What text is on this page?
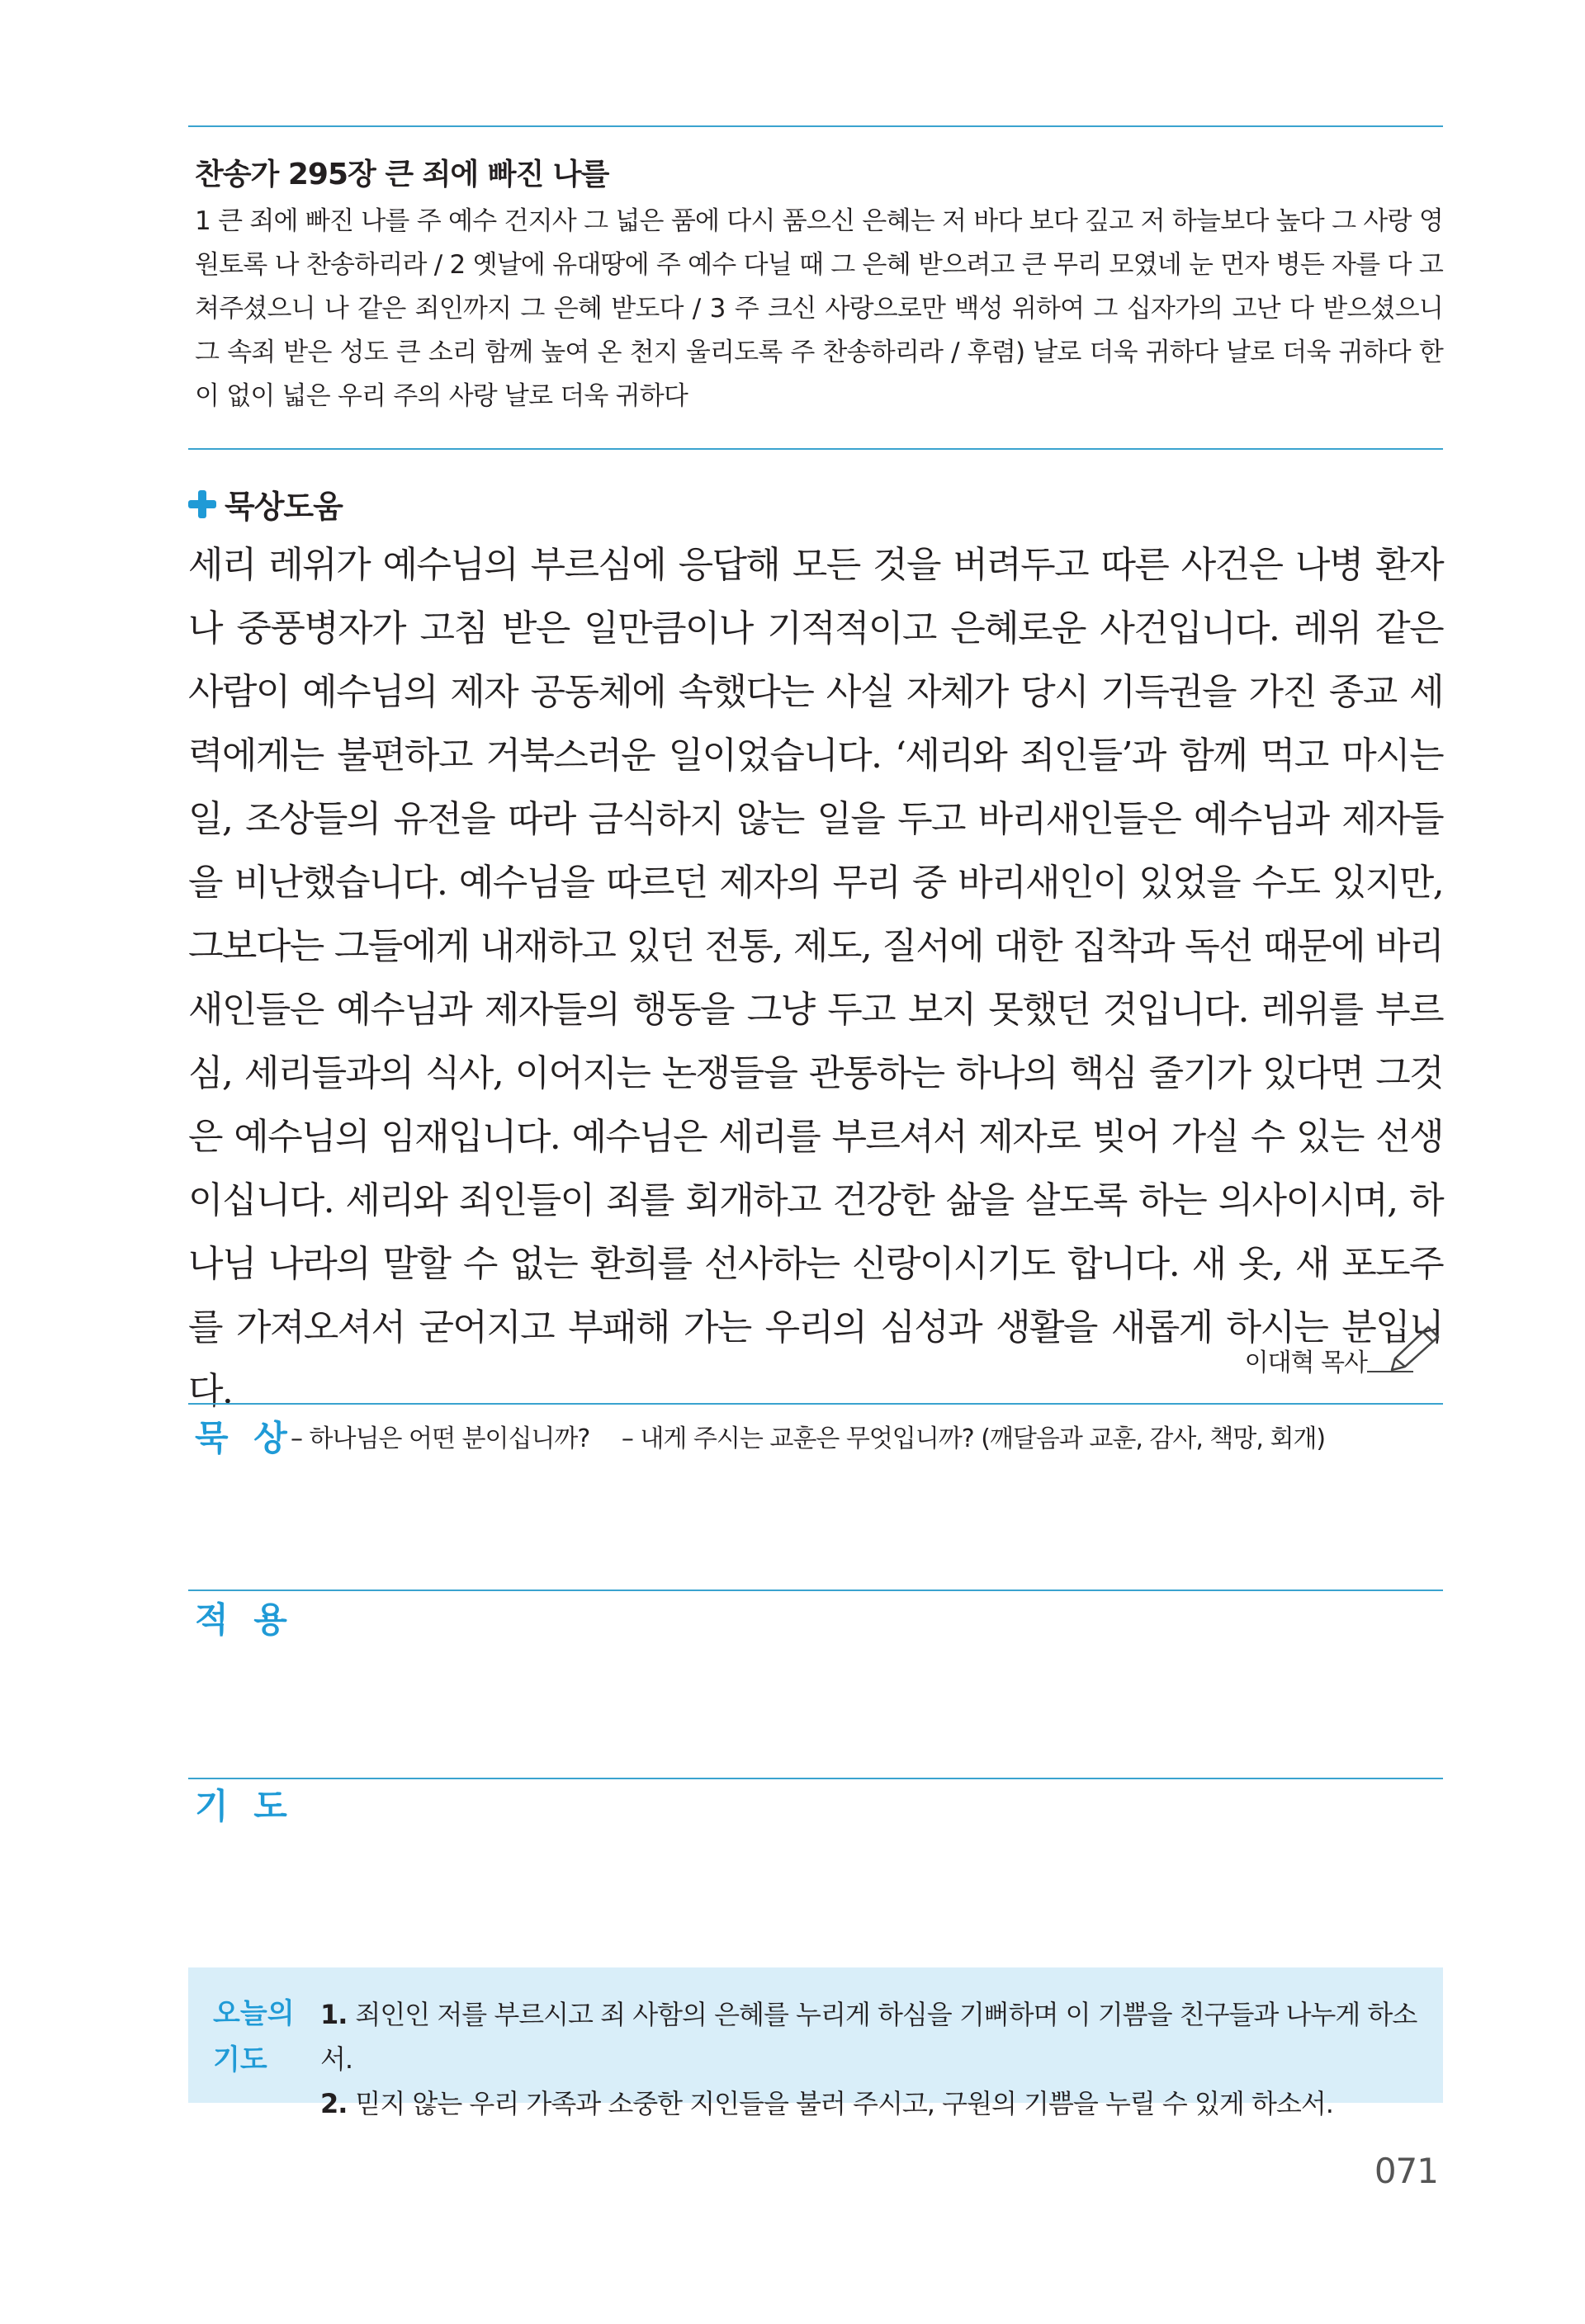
찬송가 295장 큰 죄에 빠진 나를
1 큰 죄에 빠진 나를 주 예수 건지사 그 넓은 품에 다시 품으신 은혜는 저 바다 보다 깊고 저 하늘보다 높다 그 사랑 영원토록 나 찬송하리라 / 2 옛날에 유대땅에 주 예수 다닐 때 그 은혜 받으려고 큰 무리 모였네 눈 먼자 병든 자를 다 고쳐주셨으니 나 같은 죄인까지 그 은혜 받도다 / 3 주 크신 사랑으로만 백성 위하여 그 십자가의 고난 다 받으셨으니 그 속죄 받은 성도 큰 소리 함께 높여 온 천지 울리도록 주 찬송하리라 / 후렴) 날로 더욱 귀하다 날로 더욱 귀하다 한이 없이 넓은 우리 주의 사랑 날로 더욱 귀하다
묵상도움
세리 레위가 예수님의 부르심에 응답해 모든 것을 버려두고 따른 사건은 나병 환자나 중풍병자가 고침 받은 일만큼이나 기적적이고 은혜로운 사건입니다. 레위 같은 사람이 예수님의 제자 공동체에 속했다는 사실 자체가 당시 기득권을 가진 종교 세력에게는 불편하고 거북스러운 일이었습니다. ‘세리와 죄인들’과 함께 먹고 마시는 일, 조상들의 유전을 따라 금식하지 않는 일을 두고 바리새인들은 예수님과 제자들을 비난했습니다. 예수님을 따르던 제자의 무리 중 바리새인이 있었을 수도 있지만, 그보다는 그들에게 내재하고 있던 전통, 제도, 질서에 대한 집착과 독선 때문에 바리새인들은 예수님과 제자들의 행동을 그냥 두고 보지 못했던 것입니다. 레위를 부르심, 세리들과의 식사, 이어지는 논쟁들을 관통하는 하나의 핵심 줄기가 있다면 그것은 예수님의 임재입니다. 예수님은 세리를 부르셔서 제자로 빚어 가실 수 있는 선생이십니다. 세리와 죄인들이 죄를 회개하고 건강한 삶을 살도록 하는 의사이시며, 하나님 나라의 말할 수 없는 환희를 선사하는 신랑이시기도 합니다. 새 옷, 새 포도주를 가져오셔서 굳어지고 부패해 가는 우리의 심성과 생활을 새롭게 하시는 분입니다.
이대혁 목사
묵 상
– 하나님은 어떤 분이십니까? – 내게 주시는 교훈은 무엇입니까? (깨달음과 교훈, 감사, 책망, 회개)
적 용
기 도
오늘의
기도
1. 죄인인 저를 부르시고 죄 사함의 은혜를 누리게 하심을 기뻐하며 이 기쁨을 친구들과 나누게 하소서.
2. 믿지 않는 우리 가족과 소중한 지인들을 불러 주시고, 구원의 기쁨을 누릴 수 있게 하소서.
071
